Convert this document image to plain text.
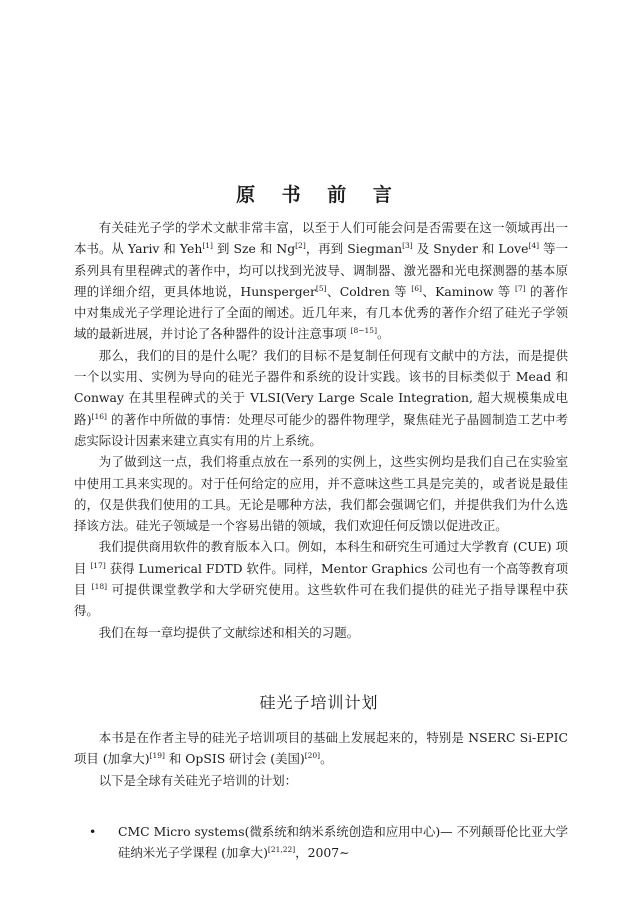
原 书 前 言

有关硅光子学的学术文献非常丰富，以至于人们可能会问是否需要在这一领域再出一本书。从 Yariv 和 Yeh[1] 到 Sze 和 Ng[2]，再到 Siegman[3] 及 Snyder 和 Love[4] 等一系列具有里程碑式的著作中，均可以找到光波导、调制器、激光器和光电探测器的基本原理的详细介绍，更具体地说，Hunsperger[5]、Coldren 等 [6]、Kaminow 等 [7] 的著作中对集成光子学理论进行了全面的阐述。近几年来，有几本优秀的著作介绍了硅光子学领域的最新进展，并讨论了各种器件的设计注意事项 [8−15]。

那么，我们的目的是什么呢？我们的目标不是复制任何现有文献中的方法，而是提供一个以实用、实例为导向的硅光子器件和系统的设计实践。该书的目标类似于 Mead 和 Conway 在其里程碑式的关于 VLSI(Very Large Scale Integration, 超大规模集成电路)[16] 的著作中所做的事情：处理尽可能少的器件物理学，聚焦硅光子晶圆制造工艺中考虑实际设计因素来建立真实有用的片上系统。

为了做到这一点，我们将重点放在一系列的实例上，这些实例均是我们自己在实验室中使用工具来实现的。对于任何给定的应用，并不意味这些工具是完美的，或者说是最佳的，仅是供我们使用的工具。无论是哪种方法，我们都会强调它们，并提供我们为什么选择该方法。硅光子领域是一个容易出错的领域，我们欢迎任何反馈以促进改正。

我们提供商用软件的教育版本入口。例如，本科生和研究生可通过大学教育 (CUE) 项目 [17] 获得 Lumerical FDTD 软件。同样，Mentor Graphics 公司也有一个高等教育项目 [18] 可提供课堂教学和大学研究使用。这些软件可在我们提供的硅光子指导课程中获得。

我们在每一章均提供了文献综述和相关的习题。

硅光子培训计划

本书是在作者主导的硅光子培训项目的基础上发展起来的，特别是 NSERC Si-EPIC 项目 (加拿大)[19] 和 OpSIS 研讨会 (美国)[20]。

以下是全球有关硅光子培训的计划：

• CMC Micro systems(微系统和纳米系统创造和应用中心)— 不列颠哥伦比亚大学硅纳米光子学课程 (加拿大)[21,22]，2007∼
